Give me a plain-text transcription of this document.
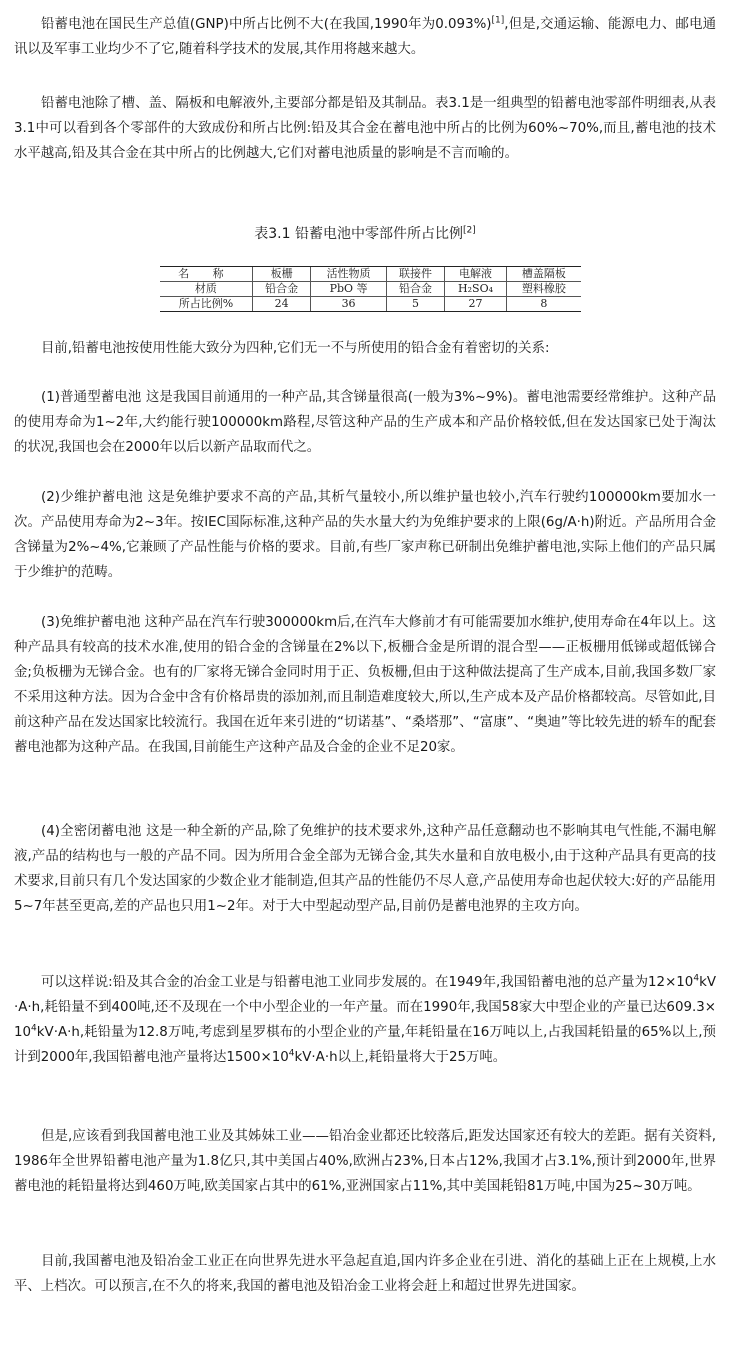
铅蓄电池在国民生产总值(GNP)中所占比例不大(在我国,1990年为0.093%)[1],但是,交通运输、能源电力、邮电通讯以及军事工业均少不了它,随着科学技术的发展,其作用将越来越大。

铅蓄电池除了槽、盖、隔板和电解液外,主要部分都是铅及其制品。表3.1是一组典型的铅蓄电池零部件明细表,从表3.1中可以看到各个零部件的大致成份和所占比例:铅及其合金在蓄电池中所占的比例为60%~70%,而且,蓄电池的技术水平越高,铅及其合金在其中所占的比例越大,它们对蓄电池质量的影响是不言而喻的。

表3.1 铅蓄电池中零部件所占比例[2]
名 称	板栅	活性物质	联接件	电解液	槽盖隔板
材质	铅合金	PbO 等	铅合金	H₂SO₄	塑料橡胶
所占比例%	24	36	5	27	8

目前,铅蓄电池按使用性能大致分为四种,它们无一不与所使用的铅合金有着密切的关系:

(1)普通型蓄电池 这是我国目前通用的一种产品,其含锑量很高(一般为3%~9%)。蓄电池需要经常维护。这种产品的使用寿命为1~2年,大约能行驶100000km路程,尽管这种产品的生产成本和产品价格较低,但在发达国家已处于淘汰的状况,我国也会在2000年以后以新产品取而代之。

(2)少维护蓄电池 这是免维护要求不高的产品,其析气量较小,所以维护量也较小,汽车行驶约100000km要加水一次。产品使用寿命为2~3年。按IEC国际标准,这种产品的失水量大约为免维护要求的上限(6g/A·h)附近。产品所用合金含锑量为2%~4%,它兼顾了产品性能与价格的要求。目前,有些厂家声称已研制出免维护蓄电池,实际上他们的产品只属于少维护的范畴。

(3)免维护蓄电池 这种产品在汽车行驶300000km后,在汽车大修前才有可能需要加水维护,使用寿命在4年以上。这种产品具有较高的技术水准,使用的铅合金的含锑量在2%以下,板栅合金是所谓的混合型——正板栅用低锑或超低锑合金;负板栅为无锑合金。也有的厂家将无锑合金同时用于正、负板栅,但由于这种做法提高了生产成本,目前,我国多数厂家不采用这种方法。因为合金中含有价格昂贵的添加剂,而且制造难度较大,所以,生产成本及产品价格都较高。尽管如此,目前这种产品在发达国家比较流行。我国在近年来引进的“切诺基”、“桑塔那”、“富康”、“奥迪”等比较先进的轿车的配套蓄电池都为这种产品。在我国,目前能生产这种产品及合金的企业不足20家。

(4)全密闭蓄电池 这是一种全新的产品,除了免维护的技术要求外,这种产品任意翻动也不影响其电气性能,不漏电解液,产品的结构也与一般的产品不同。因为所用合金全部为无锑合金,其失水量和自放电极小,由于这种产品具有更高的技术要求,目前只有几个发达国家的少数企业才能制造,但其产品的性能仍不尽人意,产品使用寿命也起伏较大:好的产品能用5~7年甚至更高,差的产品也只用1~2年。对于大中型起动型产品,目前仍是蓄电池界的主攻方向。

可以这样说:铅及其合金的冶金工业是与铅蓄电池工业同步发展的。在1949年,我国铅蓄电池的总产量为$12\times 10^4kV\cdot A\cdot h$,耗铅量不到400吨,还不及现在一个中小型企业的一年产量。而在1990年,我国58家大中型企业的产量已达$609.3\times 10^4kV\cdot A\cdot h$,耗铅量为12.8万吨,考虑到星罗棋布的小型企业的产量,年耗铅量在16万吨以上,占我国耗铅量的65%以上,预计到2000年,我国铅蓄电池产量将达$1500\times 10^4kV\cdot A\cdot h$以上,耗铅量将大于25万吨。

但是,应该看到我国蓄电池工业及其姊妹工业——铅冶金业都还比较落后,距发达国家还有较大的差距。据有关资料,1986年全世界铅蓄电池产量为1.8亿只,其中美国占40%,欧洲占23%,日本占12%,我国才占3.1%,预计到2000年,世界蓄电池的耗铅量将达到460万吨,欧美国家占其中的61%,亚洲国家占11%,其中美国耗铅81万吨,中国为25~30万吨。

目前,我国蓄电池及铅冶金工业正在向世界先进水平急起直追,国内许多企业在引进、消化的基础上正在上规模,上水平、上档次。可以预言,在不久的将来,我国的蓄电池及铅冶金工业将会赶上和超过世界先进国家。
